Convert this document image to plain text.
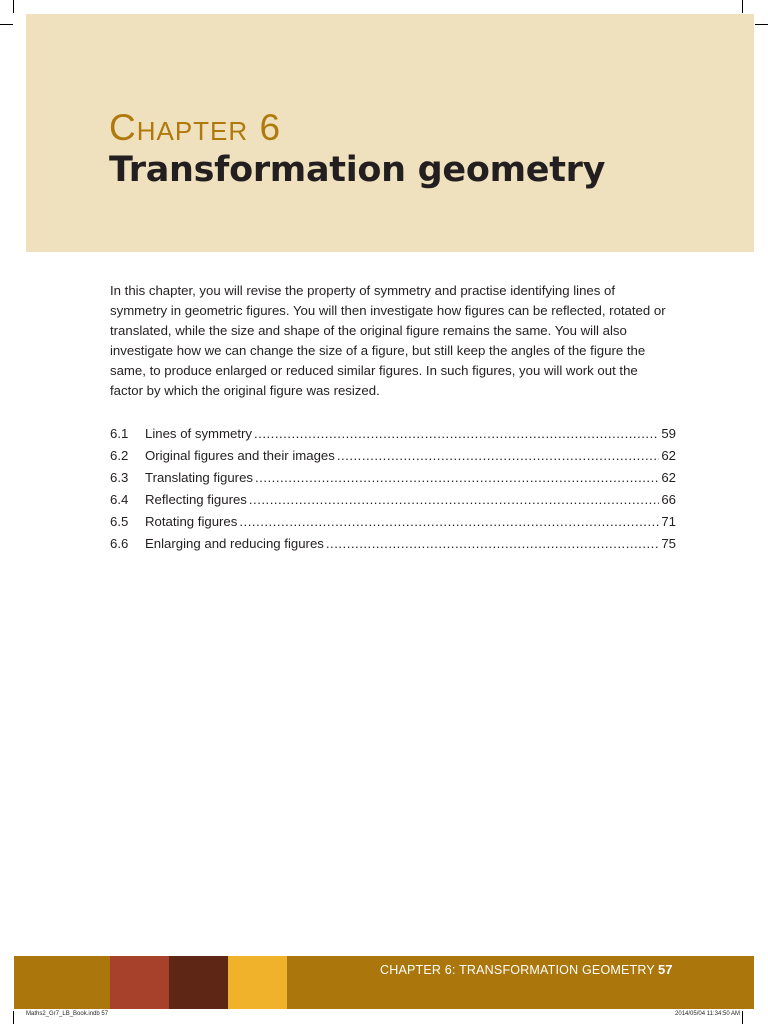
Chapter 6
Transformation geometry

In this chapter, you will revise the property of symmetry and practise identifying lines of symmetry in geometric figures. You will then investigate how figures can be reflected, rotated or translated, while the size and shape of the original figure remains the same. You will also investigate how we can change the size of a figure, but still keep the angles of the figure the same, to produce enlarged or reduced similar figures. In such figures, you will work out the factor by which the original figure was resized.

6.1	Lines of symmetry .....	59
6.2	Original figures and their images .....	62
6.3	Translating figures .....	62
6.4	Reflecting figures .....	66
6.5	Rotating figures .....	71
6.6	Enlarging and reducing figures .....	75
CHAPTER 6: TRANSFORMATION GEOMETRY 57
Maths2_Gr7_LB_Book.indb 57	2014/05/04 11:34:50 AM
